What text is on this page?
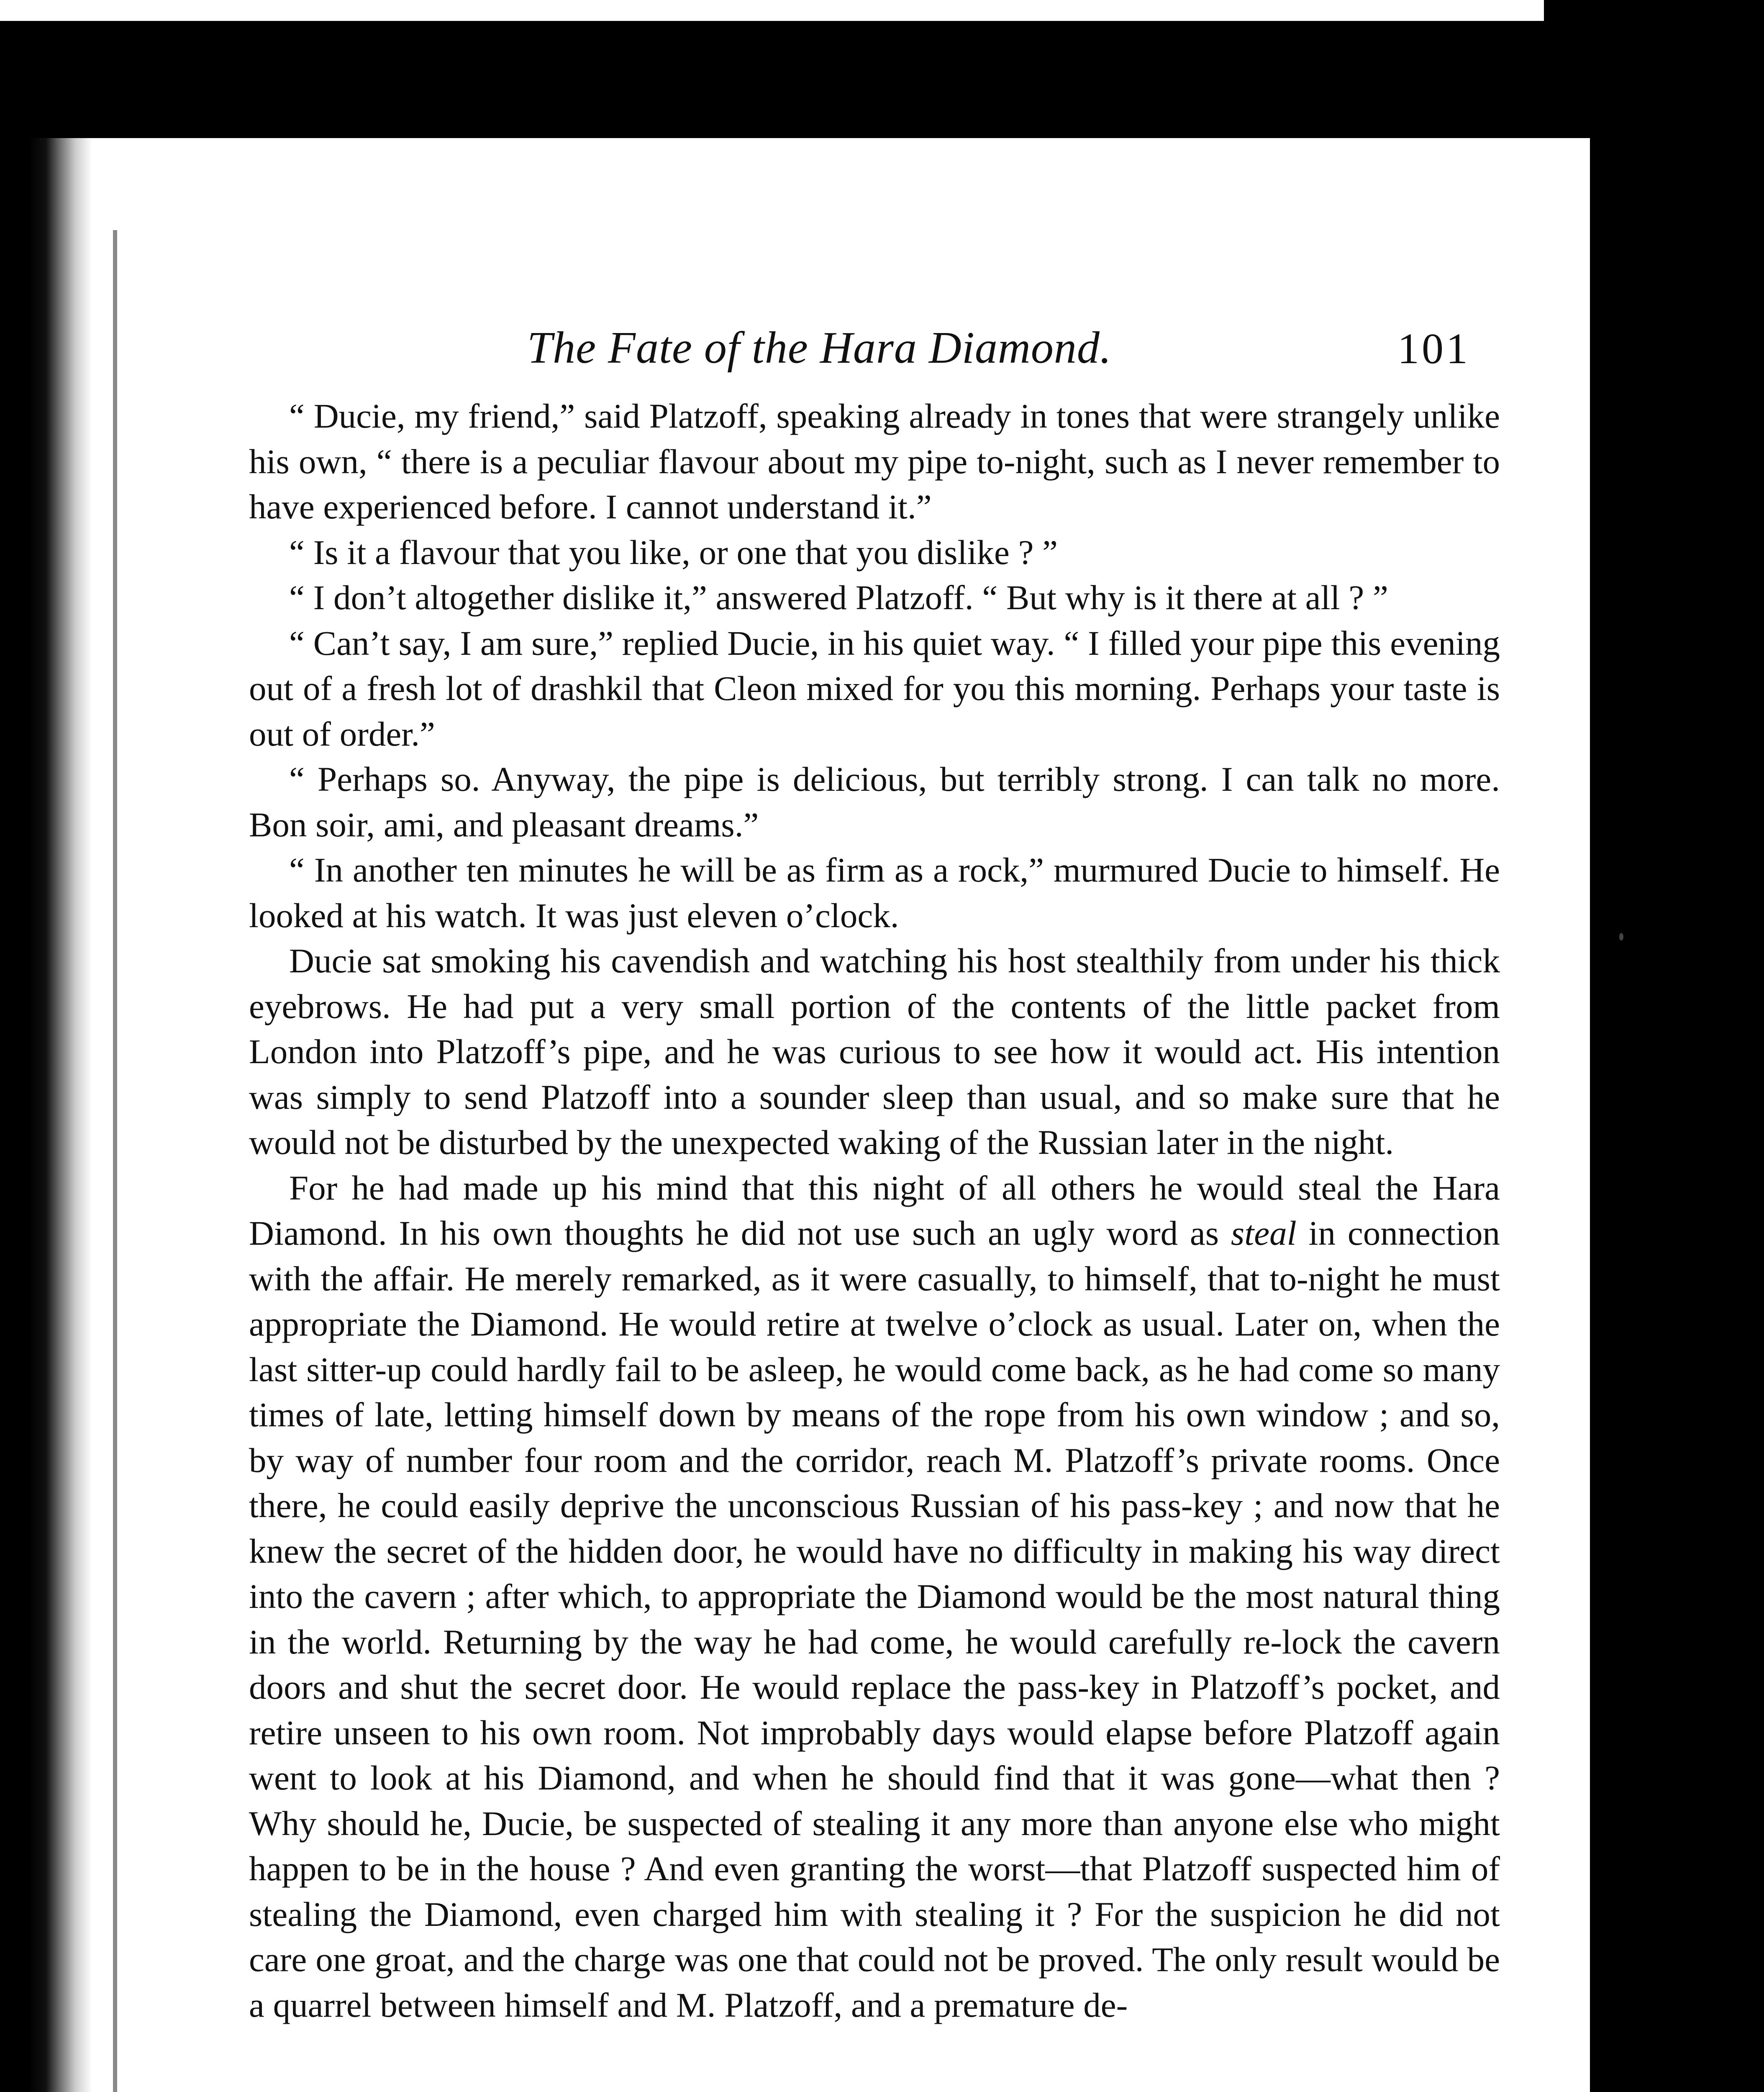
The Fate of the Hara Diamond.	101

“ Ducie, my friend,” said Platzoff, speaking already in tones that were strangely unlike his own, “ there is a peculiar flavour about my pipe to-night, such as I never remember to have experienced before. I cannot understand it.”

“ Is it a flavour that you like, or one that you dislike ? ”

“ I don’t altogether dislike it,” answered Platzoff. “ But why is it there at all ? ”

“ Can’t say, I am sure,” replied Ducie, in his quiet way. “ I filled your pipe this evening out of a fresh lot of drashkil that Cleon mixed for you this morning. Perhaps your taste is out of order.”

“ Perhaps so. Anyway, the pipe is delicious, but terribly strong. I can talk no more. Bon soir, ami, and pleasant dreams.”

“ In another ten minutes he will be as firm as a rock,” murmured Ducie to himself. He looked at his watch. It was just eleven o’clock.

Ducie sat smoking his cavendish and watching his host stealthily from under his thick eyebrows. He had put a very small portion of the contents of the little packet from London into Platzoff’s pipe, and he was curious to see how it would act. His intention was simply to send Platzoff into a sounder sleep than usual, and so make sure that he would not be disturbed by the unexpected waking of the Russian later in the night.

For he had made up his mind that this night of all others he would steal the Hara Diamond. In his own thoughts he did not use such an ugly word as steal in connection with the affair. He merely remarked, as it were casually, to himself, that to-night he must appropriate the Diamond. He would retire at twelve o’clock as usual. Later on, when the last sitter-up could hardly fail to be asleep, he would come back, as he had come so many times of late, letting himself down by means of the rope from his own window ; and so, by way of number four room and the corridor, reach M. Platzoff’s private rooms. Once there, he could easily deprive the unconscious Russian of his pass-key ; and now that he knew the secret of the hidden door, he would have no difficulty in making his way direct into the cavern ; after which, to appropriate the Diamond would be the most natural thing in the world. Returning by the way he had come, he would carefully re-lock the cavern doors and shut the secret door. He would replace the pass-key in Platzoff’s pocket, and retire unseen to his own room. Not improbably days would elapse before Platzoff again went to look at his Diamond, and when he should find that it was gone—what then ? Why should he, Ducie, be suspected of stealing it any more than anyone else who might happen to be in the house ? And even granting the worst—that Platzoff suspected him of stealing the Diamond, even charged him with stealing it ? For the suspicion he did not care one groat, and the charge was one that could not be proved. The only result would be a quarrel between himself and M. Platzoff, and a premature de-
